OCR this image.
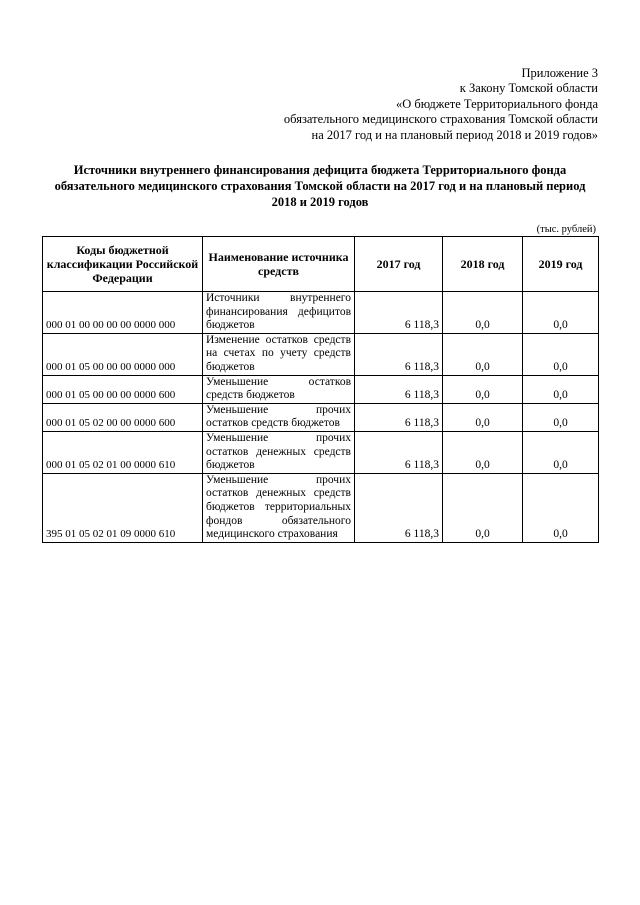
Приложение 3
к Закону Томской области
«О бюджете Территориального фонда
обязательного медицинского страхования Томской области
на 2017 год и на плановый период 2018 и 2019 годов»
Источники внутреннего финансирования дефицита бюджета Территориального фонда обязательного медицинского страхования Томской области на 2017 год и на плановый период 2018 и 2019 годов
(тыс. рублей)
Коды бюджетной классификации Российской Федерации	Наименование источника средств	2017 год	2018 год	2019 год
000 01 00 00 00 00 0000 000	Источники внутреннего финансирования дефицитов бюджетов	6 118,3	0,0	0,0
000 01 05 00 00 00 0000 000	Изменение остатков средств на счетах по учету средств бюджетов	6 118,3	0,0	0,0
000 01 05 00 00 00 0000 600	Уменьшение остатков средств бюджетов	6 118,3	0,0	0,0
000 01 05 02 00 00 0000 600	Уменьшение прочих остатков средств бюджетов	6 118,3	0,0	0,0
000 01 05 02 01 00 0000 610	Уменьшение прочих остатков денежных средств бюджетов	6 118,3	0,0	0,0
395 01 05 02 01 09 0000 610	Уменьшение прочих остатков денежных средств бюджетов территориальных фондов обязательного медицинского страхования	6 118,3	0,0	0,0
